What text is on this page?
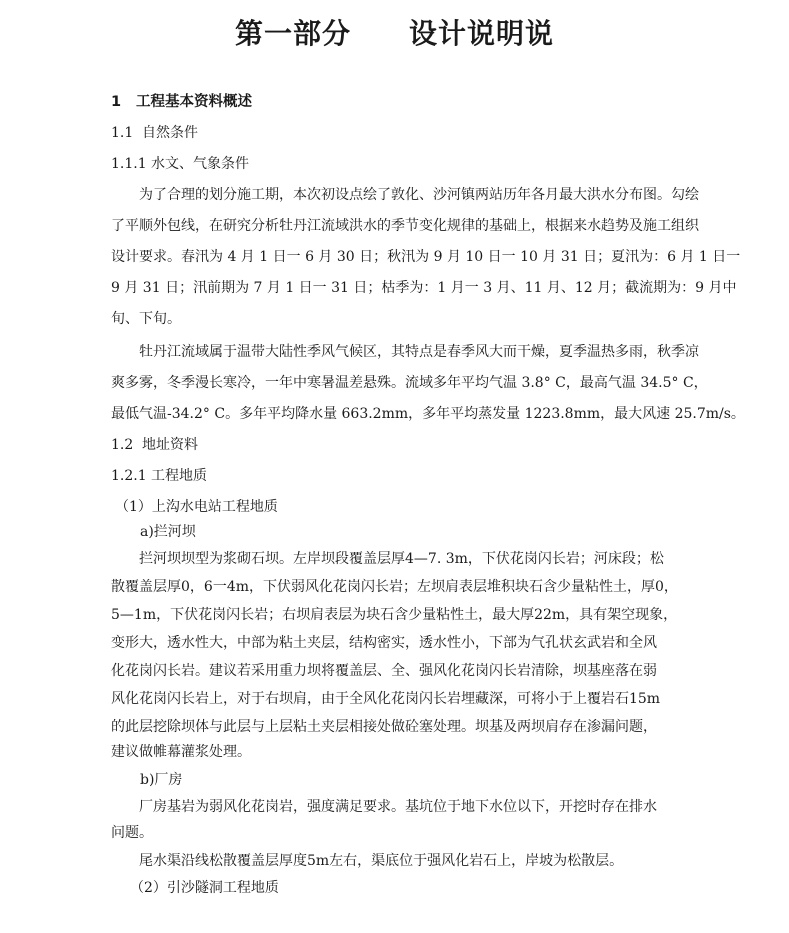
第一部分 设计说明说
1 工程基本资料概述
1.1 自然条件
1.1.1 水文、气象条件
为了合理的划分施工期，本次初设点绘了敦化、沙河镇两站历年各月最大洪水分布图。勾绘
了平顺外包线，在研究分析牡丹江流域洪水的季节变化规律的基础上，根据来水趋势及施工组织
设计要求。春汛为 4 月 1 日一 6 月 30 日；秋汛为 9 月 10 日一 10 月 31 日；夏汛为：6 月 1 日一
9 月 31 日；汛前期为 7 月 1 日一 31 日；枯季为：1 月一 3 月、11 月、12 月；截流期为：9 月中
旬、下旬。
牡丹江流域属于温带大陆性季风气候区，其特点是春季风大而干燥，夏季温热多雨，秋季凉
爽多雾，冬季漫长寒冷，一年中寒暑温差悬殊。流域多年平均气温 3.8° C，最高气温 34.5° C，
最低气温-34.2° C。多年平均降水量 663.2mm，多年平均蒸发量 1223.8mm，最大风速 25.7m/s。
1.2 地址资料
1.2.1 工程地质
（1）上沟水电站工程地质
a)拦河坝
拦河坝坝型为浆砌石坝。左岸坝段覆盖层厚4—7. 3m，下伏花岗闪长岩；河床段；松
散覆盖层厚0，6一4m，下伏弱风化花岗闪长岩；左坝肩表层堆积块石含少量粘性土，厚0，
5—1m，下伏花岗闪长岩；右坝肩表层为块石含少量粘性土，最大厚22m，具有架空现象，
变形大，透水性大，中部为粘土夹层，结构密实，透水性小，下部为气孔状玄武岩和全风
化花岗闪长岩。建议若采用重力坝将覆盖层、全、强风化花岗闪长岩清除，坝基座落在弱
风化花岗闪长岩上，对于右坝肩，由于全风化花岗闪长岩埋藏深，可将小于上覆岩石15m
的此层挖除坝体与此层与上层粘土夹层相接处做砼塞处理。坝基及两坝肩存在渗漏问题，
建议做帷幕灌浆处理。
b)厂房
厂房基岩为弱风化花岗岩，强度满足要求。基坑位于地下水位以下，开挖时存在排水
问题。
尾水渠沿线松散覆盖层厚度5m左右，渠底位于强风化岩石上，岸坡为松散层。
（2）引沙隧洞工程地质
